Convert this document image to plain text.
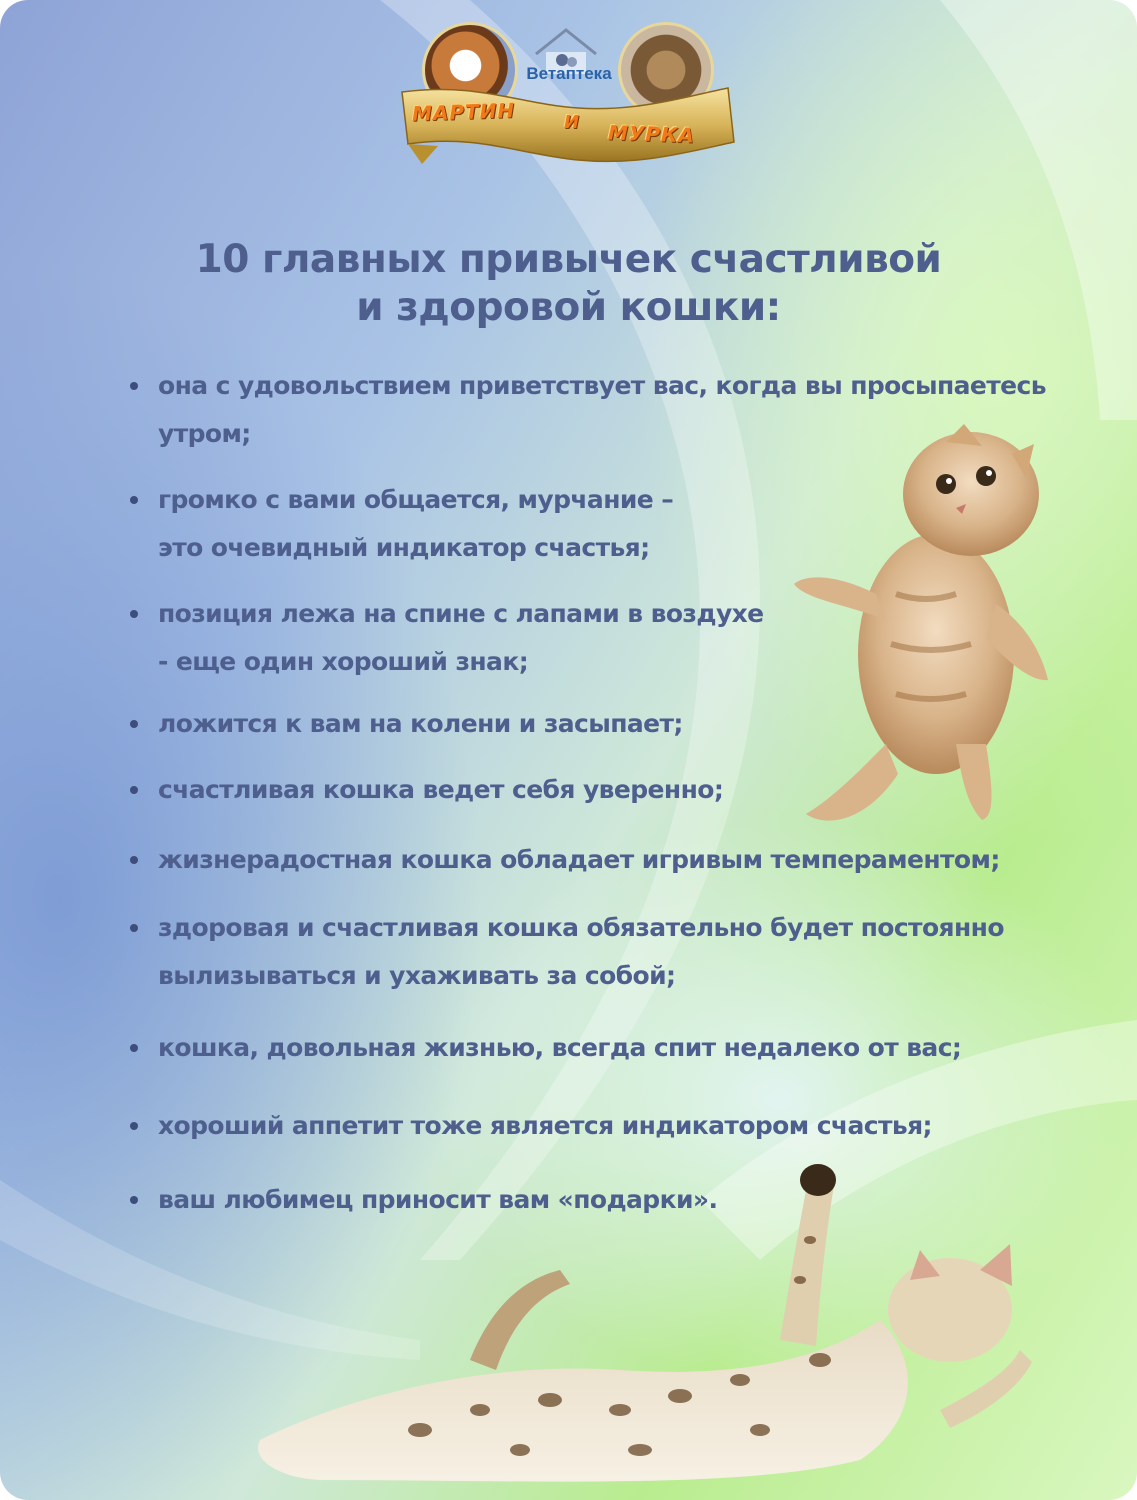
Ветаптека
МАРТИН	И МУРКА
10 главных привычек счастливой
и здоровой кошки:
она с удовольствием приветствует вас, когда вы просыпаетесь
утром;
громко с вами общается, мурчание –
это очевидный индикатор счастья;
позиция лежа на спине с лапами в воздухе
- еще один хороший знак;
ложится к вам на колени и засыпает;
счастливая кошка ведет себя уверенно;
жизнерадостная кошка обладает игривым темпераментом;
здоровая и счастливая кошка обязательно будет постоянно
вылизываться и ухаживать за собой;
кошка, довольная жизнью, всегда спит недалеко от вас;
хороший аппетит тоже является индикатором счастья;
ваш любимец приносит вам «подарки».
